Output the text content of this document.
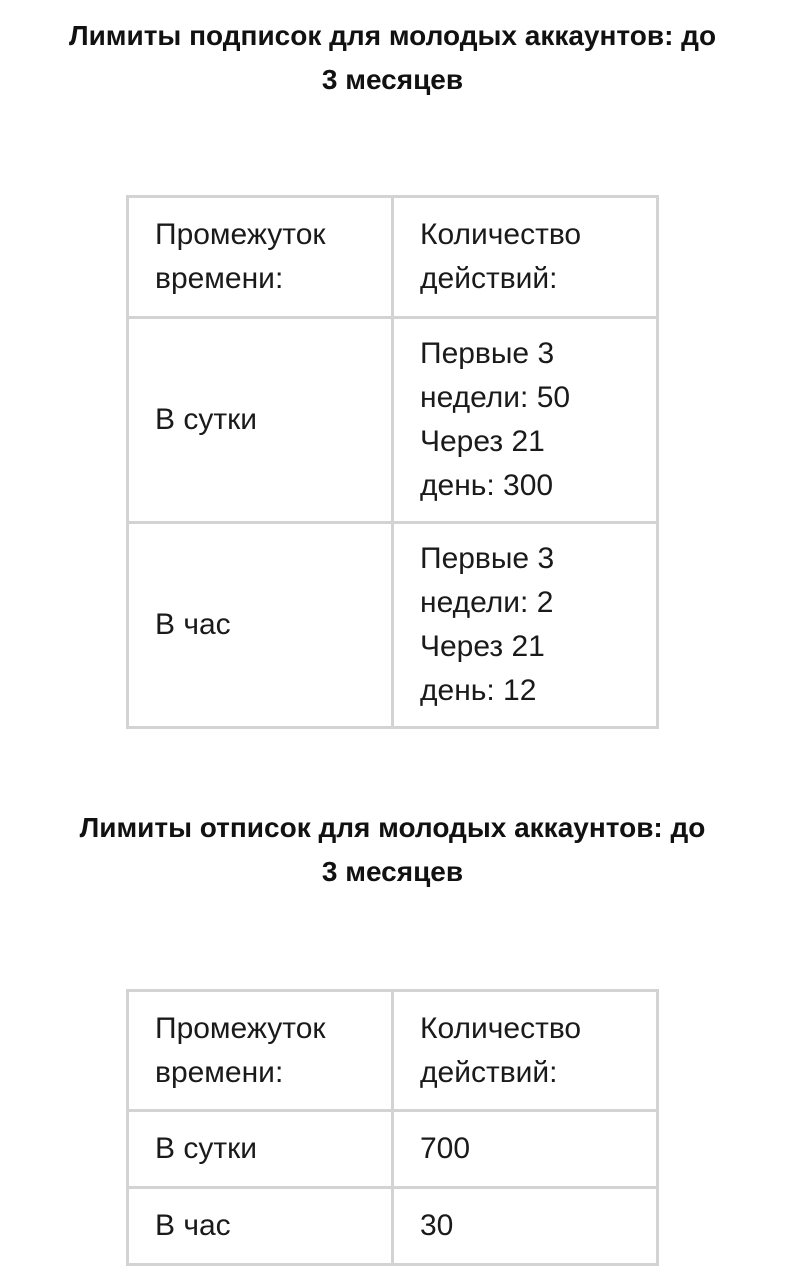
Лимиты подписок для молодых аккаунтов: до
3 месяцев
Промежуток
времени:	Количество
действий:

В сутки	Первые 3
недели: 50
Через 21
день: 300

В час	Первые 3
недели: 2
Через 21
день: 12
Лимиты отписок для молодых аккаунтов: до
3 месяцев
Промежуток
времени:	Количество
действий:

В сутки	700
В час	30
